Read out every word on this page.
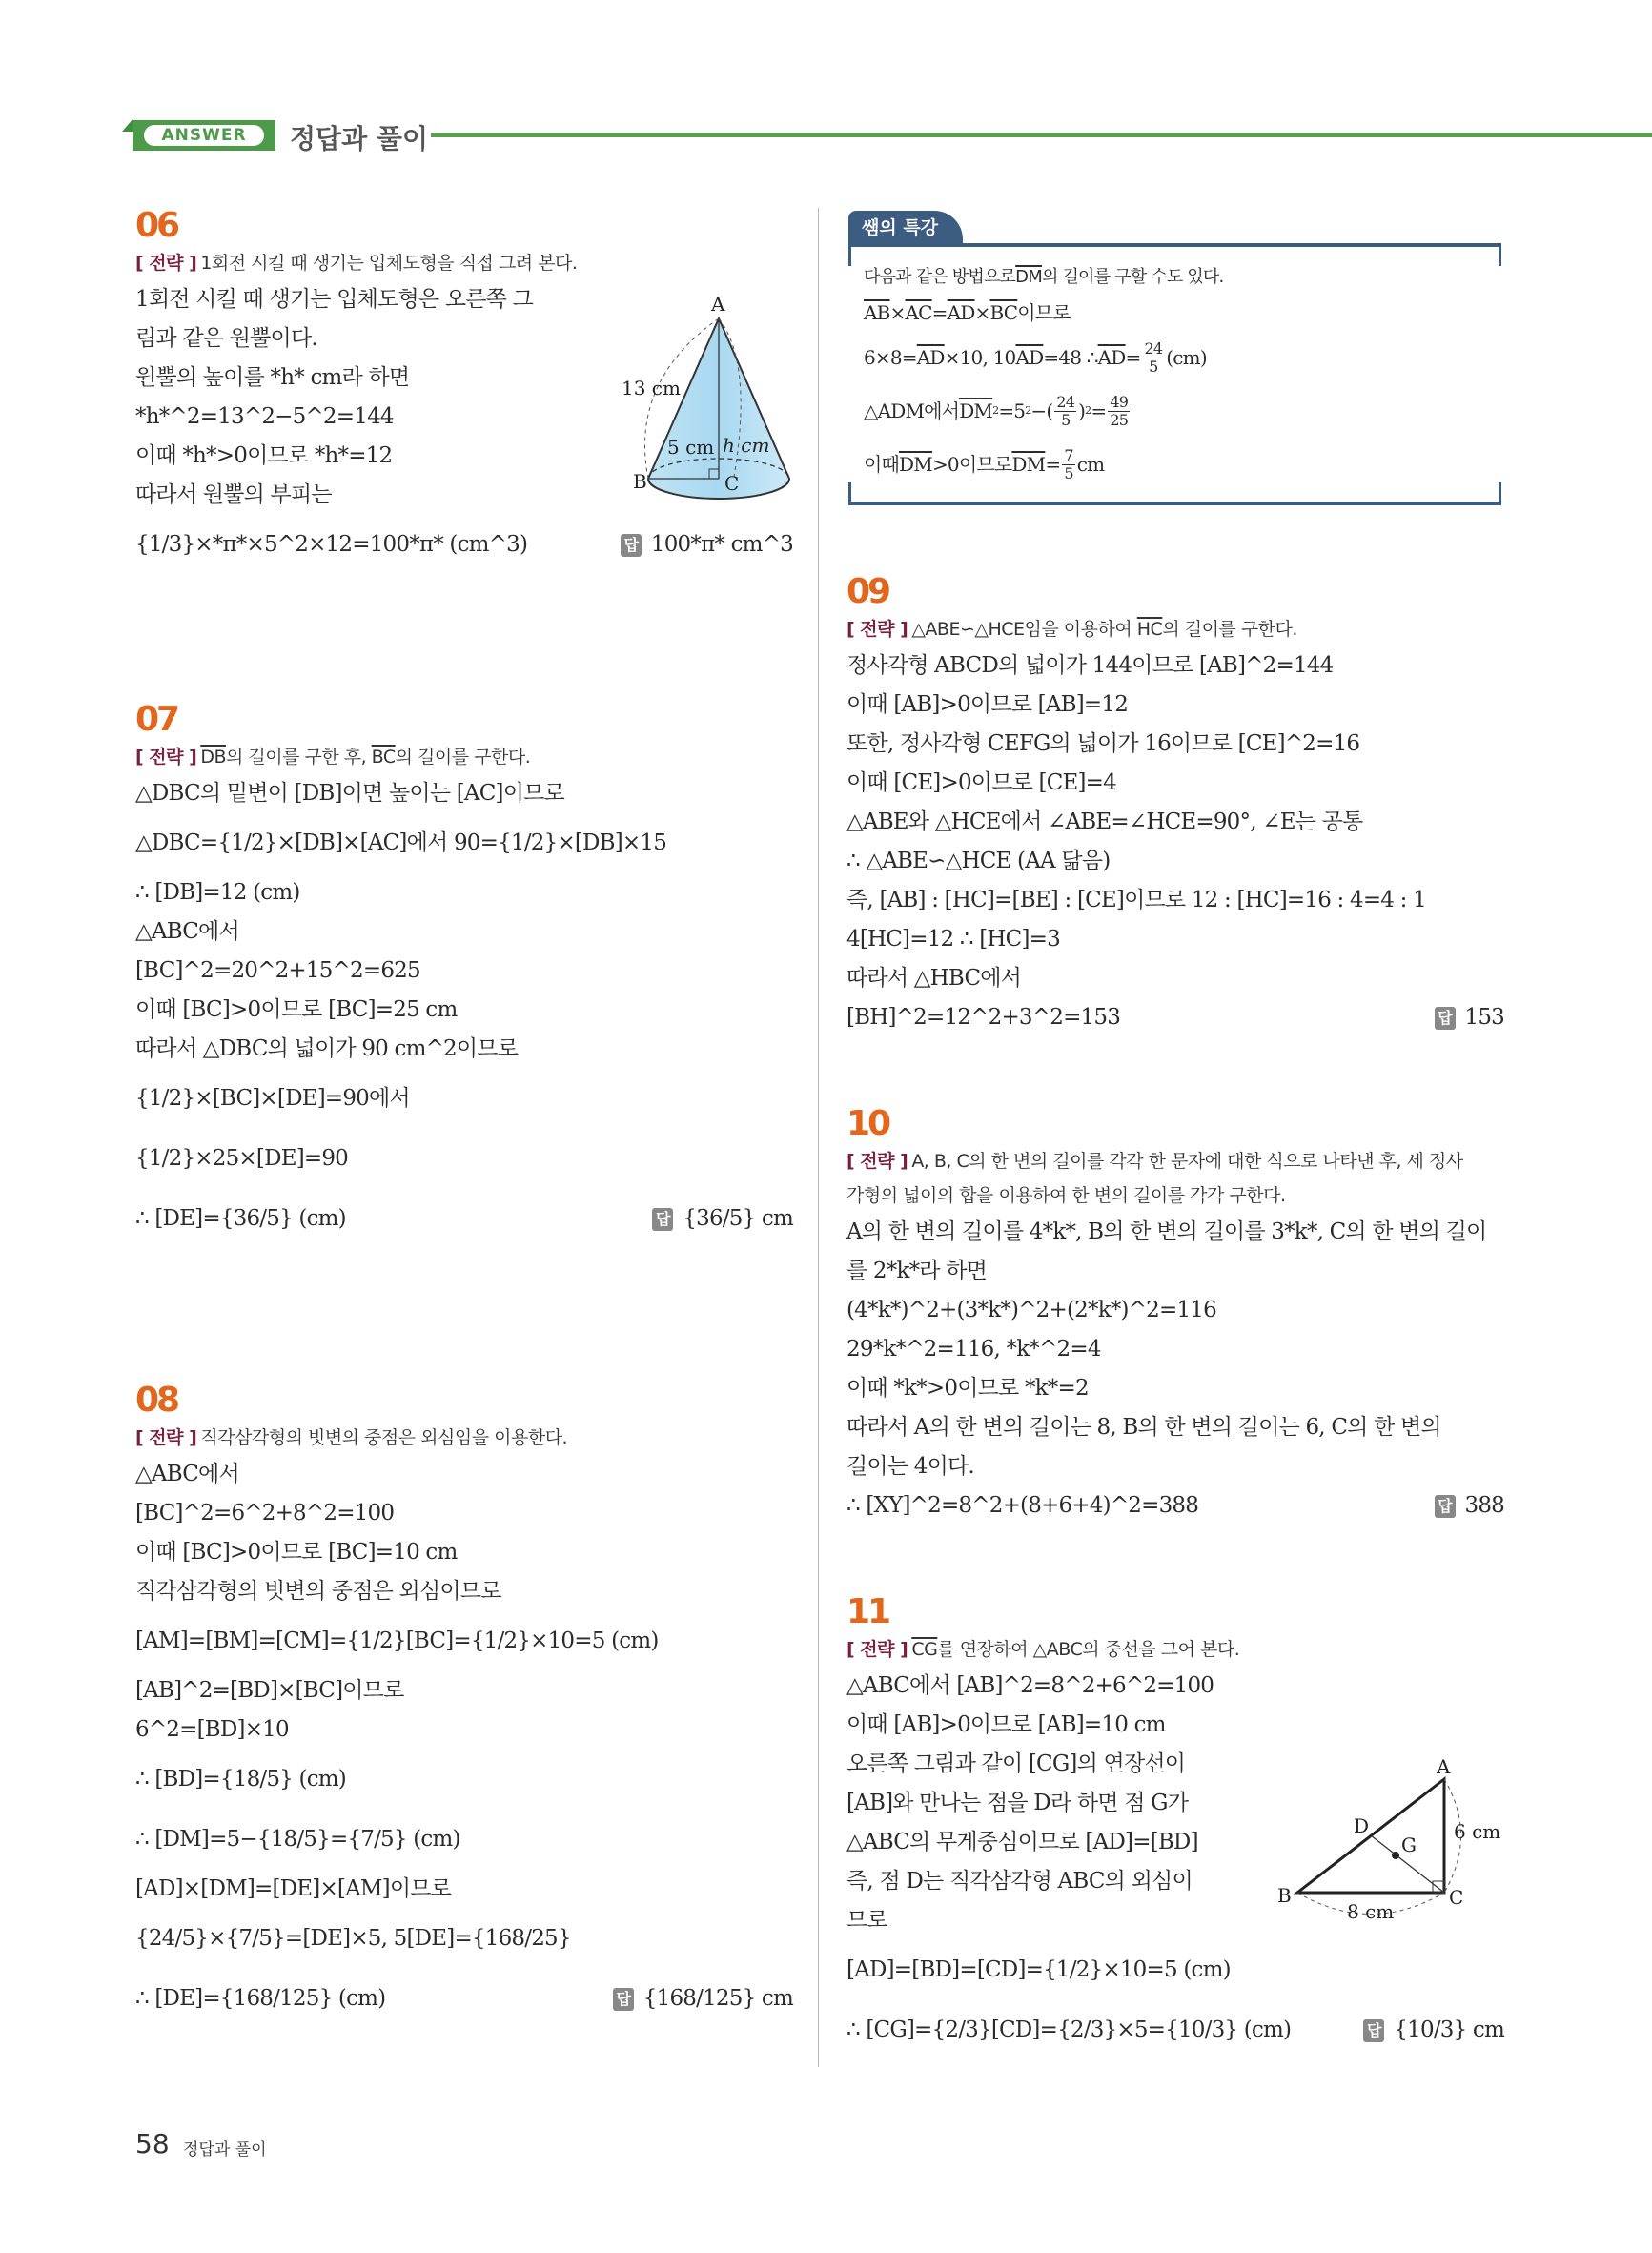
ANSWER	정답과 풀이
06
[ 전략 ] 1회전 시킬 때 생기는 입체도형을 직접 그려 본다.
1회전 시킬 때 생기는 입체도형은 오른쪽 그
림과 같은 원뿔이다.
원뿔의 높이를 *h* cm라 하면
*h*^2=13^2−5^2=144
이때 *h*>0이므로 *h*=12
따라서 원뿔의 부피는
{1/3}×*π*×5^2×12=100*π* (cm^3)	답 100*π* cm^3
07
[ 전략 ] $\overline{DB}$의 길이를 구한 후, $\overline{BC}$의 길이를 구한다.
△DBC의 밑변이 [DB]이면 높이는 [AC]이므로
△DBC={1/2}×[DB]×[AC]에서 90={1/2}×[DB]×15
∴ [DB]=12 (cm)
△ABC에서
[BC]^2=20^2+15^2=625
이때 [BC]>0이므로 [BC]=25 cm
따라서 △DBC의 넓이가 90 cm^2이므로
{1/2}×[BC]×[DE]=90에서
{1/2}×25×[DE]=90
∴ [DE]={36/5} (cm)	답 {36/5} cm
08
[ 전략 ] 직각삼각형의 빗변의 중점은 외심임을 이용한다.
△ABC에서
[BC]^2=6^2+8^2=100
이때 [BC]>0이므로 [BC]=10 cm
직각삼각형의 빗변의 중점은 외심이므로
[AM]=[BM]=[CM]={1/2}[BC]={1/2}×10=5 (cm)
[AB]^2=[BD]×[BC]이므로
6^2=[BD]×10
∴ [BD]={18/5} (cm)
∴ [DM]=5−{18/5}={7/5} (cm)
[AD]×[DM]=[DE]×[AM]이므로
{24/5}×{7/5}=[DE]×5, 5[DE]={168/25}
∴ [DE]={168/125} (cm)	답 {168/125} cm
쌤의 특강
다음과 같은 방법으로 $\overline{DM}$ 의 길이를 구할 수도 있다.
$\overline{AB} \times \overline{AC} = \overline{AD} \times \overline{BC}$ 이므로
$6\times 8= \overline{AD} \times 10$, 10 $\overline{AD} =48$ ∴ $\overline{AD} = \frac{24}{5} (cm)$
△ADM에서 $\overline{DM}$ 2 =5 2 −( $\frac{24}{5}$ ) $2 = \frac{49}{25}$
이때 $\overline{DM} >0$이므로 $\overline{DM} = \frac{7}{5}$ cm
09
[ 전략 ] △ABE∽△HCE임을 이용하여 $\overline{HC}$의 길이를 구한다.
정사각형 ABCD의 넓이가 144이므로 [AB]^2=144
이때 [AB]>0이므로 [AB]=12
또한, 정사각형 CEFG의 넓이가 16이므로 [CE]^2=16
이때 [CE]>0이므로 [CE]=4
△ABE와 △HCE에서 ∠ABE=∠HCE=90°, ∠E는 공통
∴ △ABE∽△HCE (AA 닮음)
즉, [AB] : [HC]=[BE] : [CE]이므로 12 : [HC]=16 : 4=4 : 1
4[HC]=12 ∴ [HC]=3
따라서 △HBC에서
[BH]^2=12^2+3^2=153	답 153
10
[ 전략 ] A, B, C의 한 변의 길이를 각각 한 문자에 대한 식으로 나타낸 후, 세 정사
각형의 넓이의 합을 이용하여 한 변의 길이를 각각 구한다.
A의 한 변의 길이를 4*k*, B의 한 변의 길이를 3*k*, C의 한 변의 길이
를 2*k*라 하면
(4*k*)^2+(3*k*)^2+(2*k*)^2=116
29*k*^2=116, *k*^2=4
이때 *k*>0이므로 *k*=2
따라서 A의 한 변의 길이는 8, B의 한 변의 길이는 6, C의 한 변의
길이는 4이다.
∴ [XY]^2=8^2+(8+6+4)^2=388	답 388
11
[ 전략 ] $\overline{CG}$를 연장하여 △ABC의 중선을 그어 본다.
△ABC에서 [AB]^2=8^2+6^2=100
이때 [AB]>0이므로 [AB]=10 cm
오른쪽 그림과 같이 [CG]의 연장선이
[AB]와 만나는 점을 D라 하면 점 G가
△ABC의 무게중심이므로 [AD]=[BD]
즉, 점 D는 직각삼각형 ABC의 외심이
므로
[AD]=[BD]=[CD]={1/2}×10=5 (cm)
∴ [CG]={2/3}[CD]={2/3}×5={10/3} (cm)	답 {10/3} cm
A
13 cm
5 cm h cm
B	C
A
B	C
D
G
6 cm
8 cm
58 정답과 풀이
